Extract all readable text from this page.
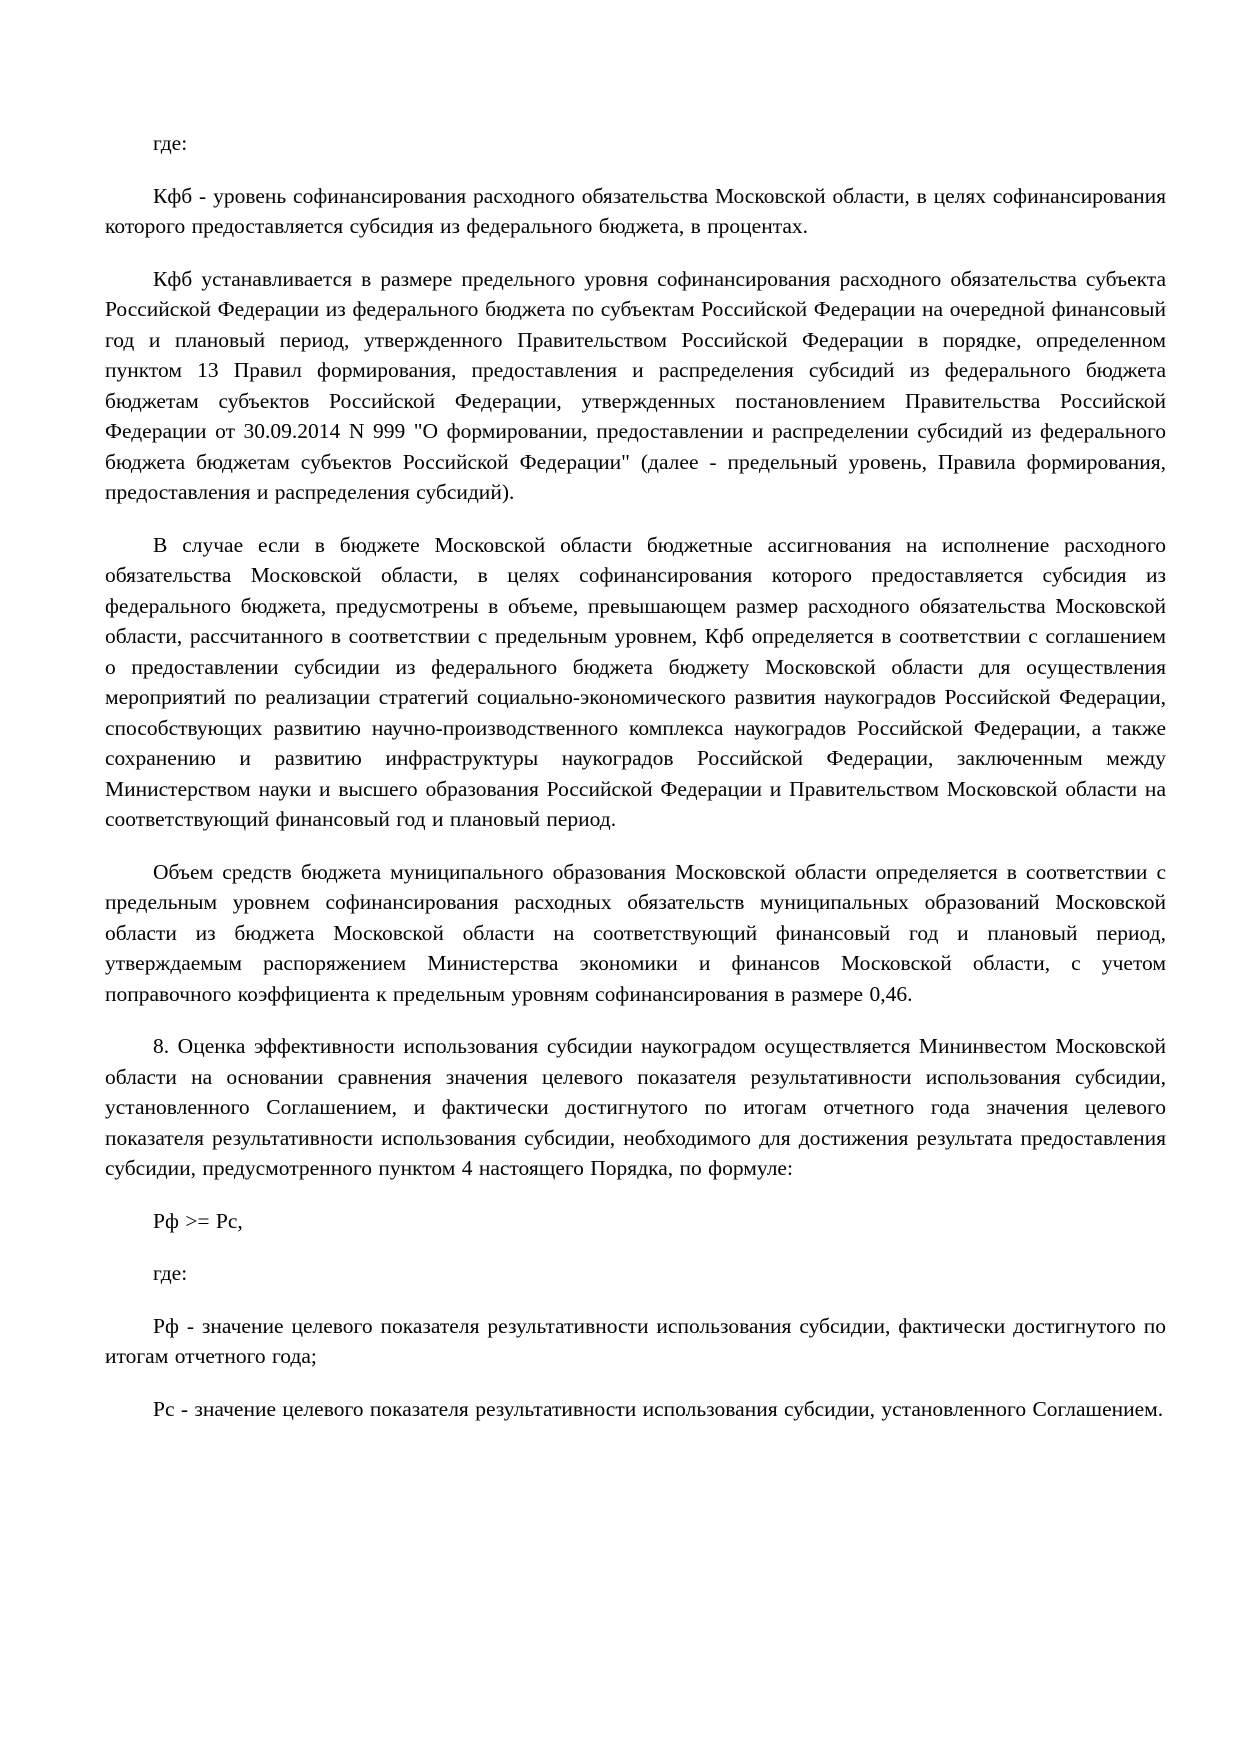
где:

Кфб - уровень софинансирования расходного обязательства Московской области, в целях софинансирования которого предоставляется субсидия из федерального бюджета, в процентах.

Кфб устанавливается в размере предельного уровня софинансирования расходного обязательства субъекта Российской Федерации из федерального бюджета по субъектам Российской Федерации на очередной финансовый год и плановый период, утвержденного Правительством Российской Федерации в порядке, определенном пунктом 13 Правил формирования, предоставления и распределения субсидий из федерального бюджета бюджетам субъектов Российской Федерации, утвержденных постановлением Правительства Российской Федерации от 30.09.2014 N 999 "О формировании, предоставлении и распределении субсидий из федерального бюджета бюджетам субъектов Российской Федерации" (далее - предельный уровень, Правила формирования, предоставления и распределения субсидий).

В случае если в бюджете Московской области бюджетные ассигнования на исполнение расходного обязательства Московской области, в целях софинансирования которого предоставляется субсидия из федерального бюджета, предусмотрены в объеме, превышающем размер расходного обязательства Московской области, рассчитанного в соответствии с предельным уровнем, Кфб определяется в соответствии с соглашением о предоставлении субсидии из федерального бюджета бюджету Московской области для осуществления мероприятий по реализации стратегий социально-экономического развития наукоградов Российской Федерации, способствующих развитию научно-производственного комплекса наукоградов Российской Федерации, а также сохранению и развитию инфраструктуры наукоградов Российской Федерации, заключенным между Министерством науки и высшего образования Российской Федерации и Правительством Московской области на соответствующий финансовый год и плановый период.

Объем средств бюджета муниципального образования Московской области определяется в соответствии с предельным уровнем софинансирования расходных обязательств муниципальных образований Московской области из бюджета Московской области на соответствующий финансовый год и плановый период, утверждаемым распоряжением Министерства экономики и финансов Московской области, с учетом поправочного коэффициента к предельным уровням софинансирования в размере 0,46.

8. Оценка эффективности использования субсидии наукоградом осуществляется Мининвестом Московской области на основании сравнения значения целевого показателя результативности использования субсидии, установленного Соглашением, и фактически достигнутого по итогам отчетного года значения целевого показателя результативности использования субсидии, необходимого для достижения результата предоставления субсидии, предусмотренного пунктом 4 настоящего Порядка, по формуле:

Рф >= Рс,

где:

Рф - значение целевого показателя результативности использования субсидии, фактически достигнутого по итогам отчетного года;

Рс - значение целевого показателя результативности использования субсидии, установленного Соглашением.
